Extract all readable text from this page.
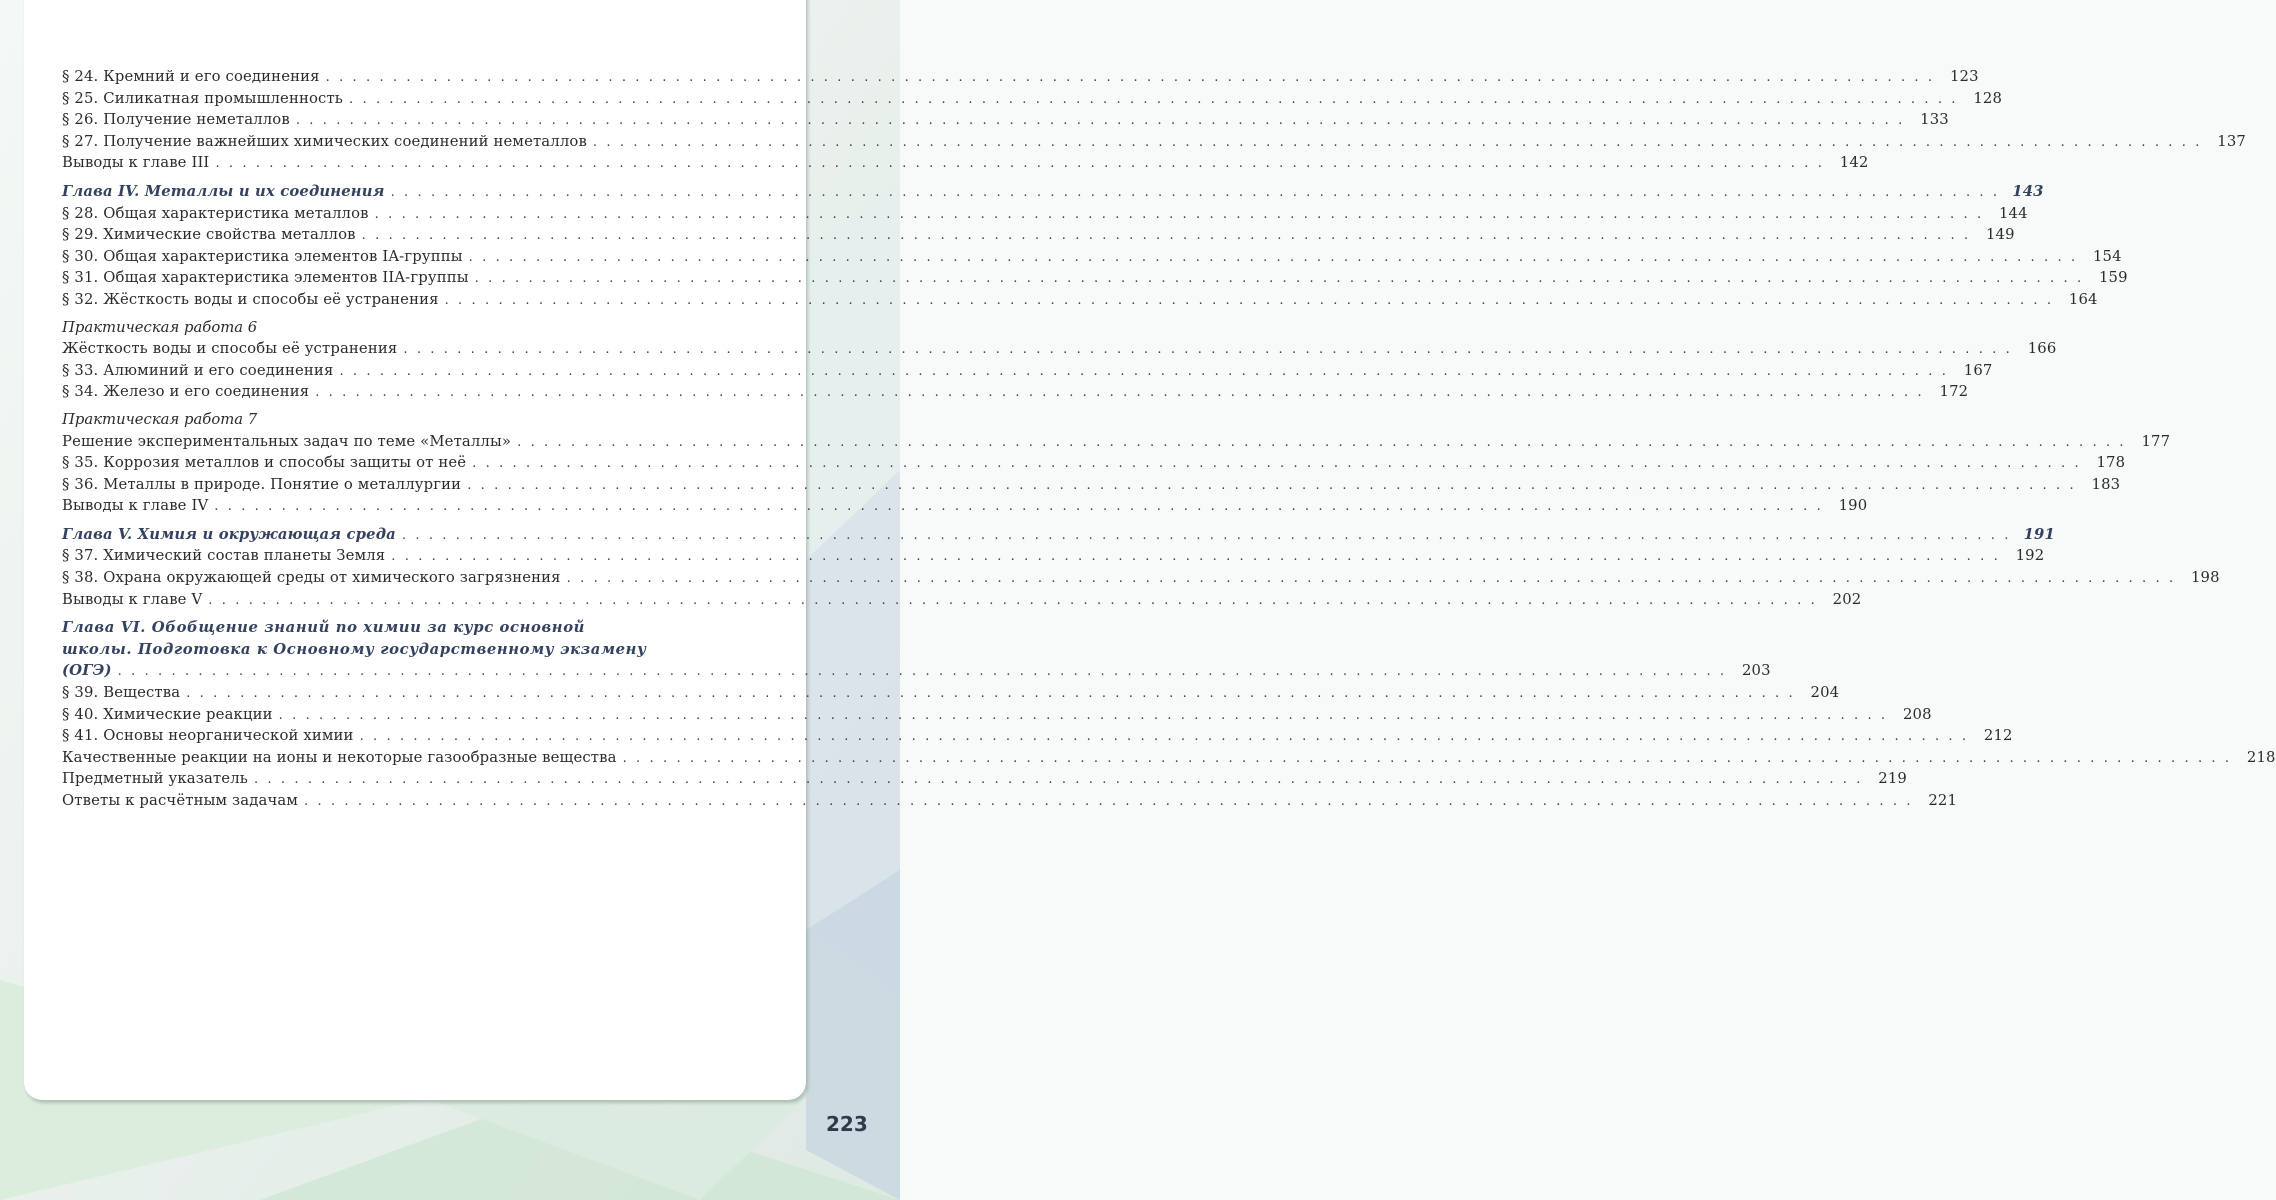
§ 24. Кремний и его соединения . . . . . . . . . . . . . . . . . . . . . . . . . . . . . . . . . . . . . . . . . . . . . . . . . . . . . . . . . . . . . . . . . . . . . . . . . . . . . . . . . . . . . . . . . . . . . . . . . . . . . . . . . . . . . . . . . . . . . . . .	123
§ 25. Силикатная промышленность . . . . . . . . . . . . . . . . . . . . . . . . . . . . . . . . . . . . . . . . . . . . . . . . . . . . . . . . . . . . . . . . . . . . . . . . . . . . . . . . . . . . . . . . . . . . . . . . . . . . . . . . . . . . . . . . . . . . . . . .	128
§ 26. Получение неметаллов . . . . . . . . . . . . . . . . . . . . . . . . . . . . . . . . . . . . . . . . . . . . . . . . . . . . . . . . . . . . . . . . . . . . . . . . . . . . . . . . . . . . . . . . . . . . . . . . . . . . . . . . . . . . . . . . . . . . . . . .	133
§ 27. Получение важнейших химических соединений неметаллов . . . . . . . . . . . . . . . . . . . . . . . . . . . . . . . . . . . . . . . . . . . . . . . . . . . . . . . . . . . . . . . . . . . . . . . . . . . . . . . . . . . . . . . . . . . . . . . . . . . . . . . . . . . . . . . . . . . . . . . .	137
Выводы к главе III . . . . . . . . . . . . . . . . . . . . . . . . . . . . . . . . . . . . . . . . . . . . . . . . . . . . . . . . . . . . . . . . . . . . . . . . . . . . . . . . . . . . . . . . . . . . . . . . . . . . . . . . . . . . . . . . . . . . . . . .	142
Глава IV. Металлы и их соединения . . . . . . . . . . . . . . . . . . . . . . . . . . . . . . . . . . . . . . . . . . . . . . . . . . . . . . . . . . . . . . . . . . . . . . . . . . . . . . . . . . . . . . . . . . . . . . . . . . . . . . . . . . . . . . . . . . . . . . . . 143
§ 28. Общая характеристика металлов . . . . . . . . . . . . . . . . . . . . . . . . . . . . . . . . . . . . . . . . . . . . . . . . . . . . . . . . . . . . . . . . . . . . . . . . . . . . . . . . . . . . . . . . . . . . . . . . . . . . . . . . . . . . . . . . . . . . . . . .	144
§ 29. Химические свойства металлов . . . . . . . . . . . . . . . . . . . . . . . . . . . . . . . . . . . . . . . . . . . . . . . . . . . . . . . . . . . . . . . . . . . . . . . . . . . . . . . . . . . . . . . . . . . . . . . . . . . . . . . . . . . . . . . . . . . . . . . .	149
§ 30. Общая характеристика элементов IA-группы . . . . . . . . . . . . . . . . . . . . . . . . . . . . . . . . . . . . . . . . . . . . . . . . . . . . . . . . . . . . . . . . . . . . . . . . . . . . . . . . . . . . . . . . . . . . . . . . . . . . . . . . . . . . . . . . . . . . . . . .	154
§ 31. Общая характеристика элементов IIA-группы . . . . . . . . . . . . . . . . . . . . . . . . . . . . . . . . . . . . . . . . . . . . . . . . . . . . . . . . . . . . . . . . . . . . . . . . . . . . . . . . . . . . . . . . . . . . . . . . . . . . . . . . . . . . . . . . . . . . . . . .	159
§ 32. Жёсткость воды и способы её устранения . . . . . . . . . . . . . . . . . . . . . . . . . . . . . . . . . . . . . . . . . . . . . . . . . . . . . . . . . . . . . . . . . . . . . . . . . . . . . . . . . . . . . . . . . . . . . . . . . . . . . . . . . . . . . . . . . . . . . . . .	164
Практическая работа 6
Жёсткость воды и способы её устранения . . . . . . . . . . . . . . . . . . . . . . . . . . . . . . . . . . . . . . . . . . . . . . . . . . . . . . . . . . . . . . . . . . . . . . . . . . . . . . . . . . . . . . . . . . . . . . . . . . . . . . . . . . . . . . . . . . . . . . . .	166
§ 33. Алюминий и его соединения . . . . . . . . . . . . . . . . . . . . . . . . . . . . . . . . . . . . . . . . . . . . . . . . . . . . . . . . . . . . . . . . . . . . . . . . . . . . . . . . . . . . . . . . . . . . . . . . . . . . . . . . . . . . . . . . . . . . . . . .	167
§ 34. Железо и его соединения . . . . . . . . . . . . . . . . . . . . . . . . . . . . . . . . . . . . . . . . . . . . . . . . . . . . . . . . . . . . . . . . . . . . . . . . . . . . . . . . . . . . . . . . . . . . . . . . . . . . . . . . . . . . . . . . . . . . . . . .	172
Практическая работа 7
Решение экспериментальных задач по теме «Металлы» . . . . . . . . . . . . . . . . . . . . . . . . . . . . . . . . . . . . . . . . . . . . . . . . . . . . . . . . . . . . . . . . . . . . . . . . . . . . . . . . . . . . . . . . . . . . . . . . . . . . . . . . . . . . . . . . . . . . . . . .	177
§ 35. Коррозия металлов и способы защиты от неё . . . . . . . . . . . . . . . . . . . . . . . . . . . . . . . . . . . . . . . . . . . . . . . . . . . . . . . . . . . . . . . . . . . . . . . . . . . . . . . . . . . . . . . . . . . . . . . . . . . . . . . . . . . . . . . . . . . . . . . .	178
§ 36. Металлы в природе. Понятие о металлургии . . . . . . . . . . . . . . . . . . . . . . . . . . . . . . . . . . . . . . . . . . . . . . . . . . . . . . . . . . . . . . . . . . . . . . . . . . . . . . . . . . . . . . . . . . . . . . . . . . . . . . . . . . . . . . . . . . . . . . . .	183
Выводы к главе IV . . . . . . . . . . . . . . . . . . . . . . . . . . . . . . . . . . . . . . . . . . . . . . . . . . . . . . . . . . . . . . . . . . . . . . . . . . . . . . . . . . . . . . . . . . . . . . . . . . . . . . . . . . . . . . . . . . . . . . . .	190
Глава V. Химия и окружающая среда . . . . . . . . . . . . . . . . . . . . . . . . . . . . . . . . . . . . . . . . . . . . . . . . . . . . . . . . . . . . . . . . . . . . . . . . . . . . . . . . . . . . . . . . . . . . . . . . . . . . . . . . . . . . . . . . . . . . . . . . 191
§ 37. Химический состав планеты Земля . . . . . . . . . . . . . . . . . . . . . . . . . . . . . . . . . . . . . . . . . . . . . . . . . . . . . . . . . . . . . . . . . . . . . . . . . . . . . . . . . . . . . . . . . . . . . . . . . . . . . . . . . . . . . . . . . . . . . . . .	192
§ 38. Охрана окружающей среды от химического загрязнения . . . . . . . . . . . . . . . . . . . . . . . . . . . . . . . . . . . . . . . . . . . . . . . . . . . . . . . . . . . . . . . . . . . . . . . . . . . . . . . . . . . . . . . . . . . . . . . . . . . . . . . . . . . . . . . . . . . . . . . .	198
Выводы к главе V . . . . . . . . . . . . . . . . . . . . . . . . . . . . . . . . . . . . . . . . . . . . . . . . . . . . . . . . . . . . . . . . . . . . . . . . . . . . . . . . . . . . . . . . . . . . . . . . . . . . . . . . . . . . . . . . . . . . . . . .	202
Глава VI. Обобщение знаний по химии за курс основной
школы. Подготовка к Основному государственному экзамену
(ОГЭ) . . . . . . . . . . . . . . . . . . . . . . . . . . . . . . . . . . . . . . . . . . . . . . . . . . . . . . . . . . . . . . . . . . . . . . . . . . . . . . . . . . . . . . . . . . . . . . . . . . . . . . . . . . . . . . . . . . . . . . . .	203
§ 39. Вещества . . . . . . . . . . . . . . . . . . . . . . . . . . . . . . . . . . . . . . . . . . . . . . . . . . . . . . . . . . . . . . . . . . . . . . . . . . . . . . . . . . . . . . . . . . . . . . . . . . . . . . . . . . . . . . . . . . . . . . . .	204
§ 40. Химические реакции . . . . . . . . . . . . . . . . . . . . . . . . . . . . . . . . . . . . . . . . . . . . . . . . . . . . . . . . . . . . . . . . . . . . . . . . . . . . . . . . . . . . . . . . . . . . . . . . . . . . . . . . . . . . . . . . . . . . . . . .	208
§ 41. Основы неорганической химии . . . . . . . . . . . . . . . . . . . . . . . . . . . . . . . . . . . . . . . . . . . . . . . . . . . . . . . . . . . . . . . . . . . . . . . . . . . . . . . . . . . . . . . . . . . . . . . . . . . . . . . . . . . . . . . . . . . . . . . .	212
Качественные реакции на ионы и некоторые газообразные вещества . . . . . . . . . . . . . . . . . . . . . . . . . . . . . . . . . . . . . . . . . . . . . . . . . . . . . . . . . . . . . . . . . . . . . . . . . . . . . . . . . . . . . . . . . . . . . . . . . . . . . . . . . . . . . . . . . . . . . . . .	218
Предметный указатель . . . . . . . . . . . . . . . . . . . . . . . . . . . . . . . . . . . . . . . . . . . . . . . . . . . . . . . . . . . . . . . . . . . . . . . . . . . . . . . . . . . . . . . . . . . . . . . . . . . . . . . . . . . . . . . . . . . . . . . .	219
Ответы к расчётным задачам . . . . . . . . . . . . . . . . . . . . . . . . . . . . . . . . . . . . . . . . . . . . . . . . . . . . . . . . . . . . . . . . . . . . . . . . . . . . . . . . . . . . . . . . . . . . . . . . . . . . . . . . . . . . . . . . . . . . . . . .	221
223
